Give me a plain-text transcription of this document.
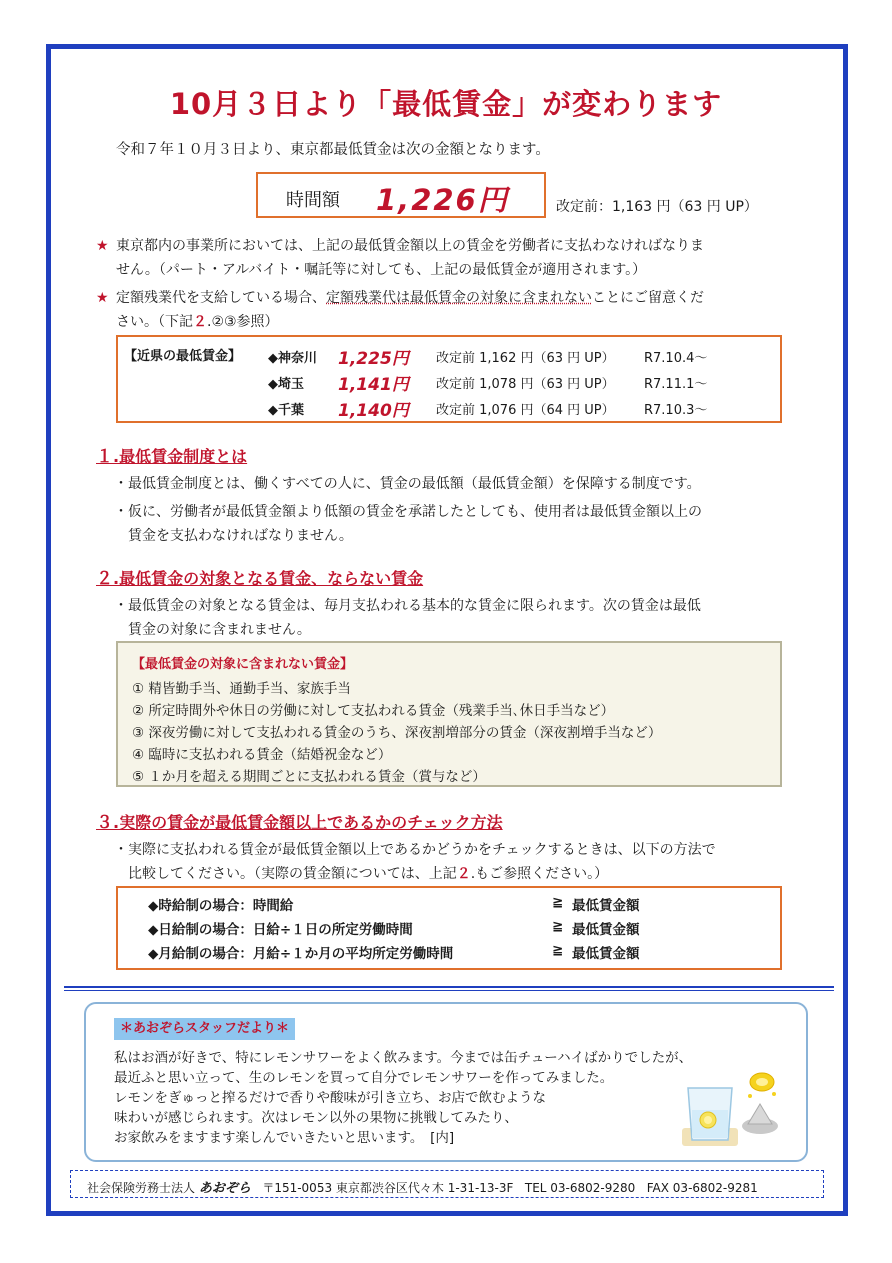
10月３日より「最低賃金」が変わります
令和７年１０月３日より、東京都最低賃金は次の金額となります。
時間額 1,226円	改定前：1,163 円（63 円 UP）
★ 東京都内の事業所においては、上記の最低賃金額以上の賃金を労働者に支払わなければなりま
せん。（パート・アルバイト・嘱託等に対しても、上記の最低賃金が適用されます。）
★ 定額残業代を支給している場合、定額残業代は最低賃金の対象に含まれないことにご留意くだ
さい。（下記２.②③参照）
【近県の最低賃金】 ◆神奈川 1,225円 改定前 1,162 円（63 円 UP） R7.10.4～
◆埼玉 1,141円 改定前 1,078 円（63 円 UP） R7.11.1～
◆千葉 1,140円 改定前 1,076 円（64 円 UP） R7.10.3～
１.最低賃金制度とは
・ 最低賃金制度とは、働くすべての人に、賃金の最低額（最低賃金額）を保障する制度です。
・ 仮に、労働者が最低賃金額より低額の賃金を承諾したとしても、使用者は最低賃金額以上の
賃金を支払わなければなりません。
２.最低賃金の対象となる賃金、ならない賃金
・ 最低賃金の対象となる賃金は、毎月支払われる基本的な賃金に限られます。次の賃金は最低
賃金の対象に含まれません。
【最低賃金の対象に含まれない賃金】
① 精皆勤手当、通勤手当、家族手当
② 所定時間外や休日の労働に対して支払われる賃金（残業手当､休日手当など）
③ 深夜労働に対して支払われる賃金のうち、深夜割増部分の賃金（深夜割増手当など）
④ 臨時に支払われる賃金（結婚祝金など）
⑤ １か月を超える期間ごとに支払われる賃金（賞与など）
３.実際の賃金が最低賃金額以上であるかのチェック方法
・ 実際に支払われる賃金が最低賃金額以上であるかどうかをチェックするときは、以下の方法で
比較してください。（実際の賃金額については、上記２.もご参照ください。）
◆時給制の場合：時間給	≧ 最低賃金額
◆日給制の場合：日給÷１日の所定労働時間	≧ 最低賃金額
◆月給制の場合：月給÷１か月の平均所定労働時間	≧ 最低賃金額
＊あおぞらスタッフだより＊
私はお酒が好きで、特にレモンサワーをよく飲みます。今までは缶チューハイばかりでしたが、
最近ふと思い立って、生のレモンを買って自分でレモンサワーを作ってみました。
レモンをぎゅっと搾るだけで香りや酸味が引き立ち、お店で飲むような
味わいが感じられます。次はレモン以外の果物に挑戦してみたり、
お家飲みをますます楽しんでいきたいと思います。　[内]
社会保険労務士法人 あおぞら 〒151-0053 東京都渋谷区代々木 1-31-13-3F TEL 03-6802-9280 FAX 03-6802-9281
